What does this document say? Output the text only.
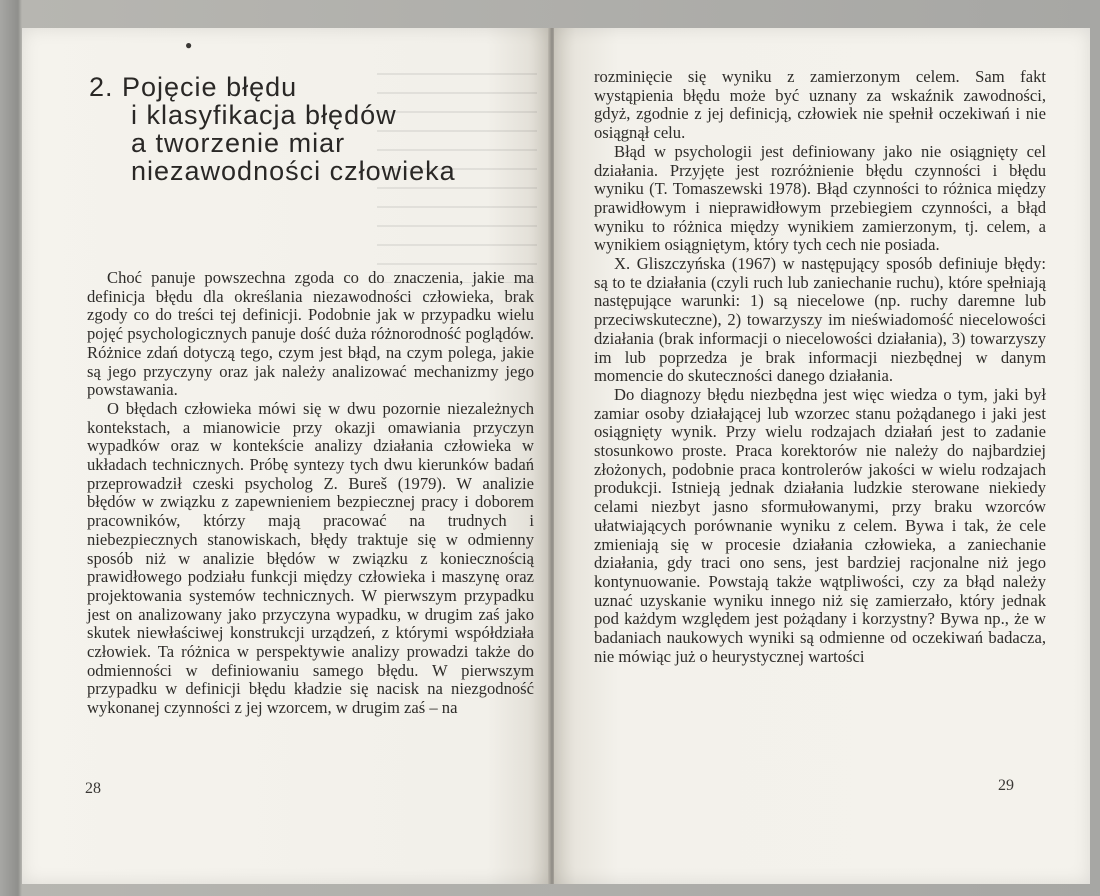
●
2. Pojęcie błędu
i klasyfikacja błędów
a tworzenie miar
niezawodności człowieka

Choć panuje powszechna zgoda co do znaczenia, jakie ma definicja błędu dla określania niezawodności człowieka, brak zgody co do treści tej definicji. Podobnie jak w przypadku wielu pojęć psychologicznych panuje dość duża różnorodność poglądów. Różnice zdań dotyczą tego, czym jest błąd, na czym polega, jakie są jego przyczyny oraz jak należy analizować mechanizmy jego powstawania.

O błędach człowieka mówi się w dwu pozornie niezależnych kontekstach, a mianowicie przy okazji omawiania przyczyn wypadków oraz w kontekście analizy działania człowieka w układach technicznych. Próbę syntezy tych dwu kierunków badań przeprowadził czeski psycholog Z. Bureš (1979). W analizie błędów w związku z zapewnieniem bezpiecznej pracy i doborem pracowników, którzy mają pracować na trudnych i niebezpiecznych stanowiskach, błędy traktuje się w odmienny sposób niż w analizie błędów w związku z koniecznością prawidłowego podziału funkcji między człowieka i maszynę oraz projektowania systemów technicznych. W pierwszym przypadku jest on analizowany jako przyczyna wypadku, w drugim zaś jako skutek niewłaściwej konstrukcji urządzeń, z którymi współdziała człowiek. Ta różnica w perspektywie analizy prowadzi także do odmienności w definiowaniu samego błędu. W pierwszym przypadku w definicji błędu kładzie się nacisk na niezgodność wykonanej czynności z jej wzorcem, w drugim zaś – na

28

rozminięcie się wyniku z zamierzonym celem. Sam fakt wystąpienia błędu może być uznany za wskaźnik zawodności, gdyż, zgodnie z jej definicją, człowiek nie spełnił oczekiwań i nie osiągnął celu.

Błąd w psychologii jest definiowany jako nie osiągnięty cel działania. Przyjęte jest rozróżnienie błędu czynności i błędu wyniku (T. Tomaszewski 1978). Błąd czynności to różnica między prawidłowym i nieprawidłowym przebiegiem czynności, a błąd wyniku to różnica między wynikiem zamierzonym, tj. celem, a wynikiem osiągniętym, który tych cech nie posiada.

X. Gliszczyńska (1967) w następujący sposób definiuje błędy: są to te działania (czyli ruch lub zaniechanie ruchu), które spełniają następujące warunki: 1) są niecelowe (np. ruchy daremne lub przeciwskuteczne), 2) towarzyszy im nieświadomość niecelowości działania (brak informacji o niecelowości działania), 3) towarzyszy im lub poprzedza je brak informacji niezbędnej w danym momencie do skuteczności danego działania.

Do diagnozy błędu niezbędna jest więc wiedza o tym, jaki był zamiar osoby działającej lub wzorzec stanu pożądanego i jaki jest osiągnięty wynik. Przy wielu rodzajach działań jest to zadanie stosunkowo proste. Praca korektorów nie należy do najbardziej złożonych, podobnie praca kontrolerów jakości w wielu rodzajach produkcji. Istnieją jednak działania ludzkie sterowane niekiedy celami niezbyt jasno sformułowanymi, przy braku wzorców ułatwiających porównanie wyniku z celem. Bywa i tak, że cele zmieniają się w procesie działania człowieka, a zaniechanie działania, gdy traci ono sens, jest bardziej racjonalne niż jego kontynuowanie. Powstają także wątpliwości, czy za błąd należy uznać uzyskanie wyniku innego niż się zamierzało, który jednak pod każdym względem jest pożądany i korzystny? Bywa np., że w badaniach naukowych wyniki są odmienne od oczekiwań badacza, nie mówiąc już o heurystycznej wartości

29
